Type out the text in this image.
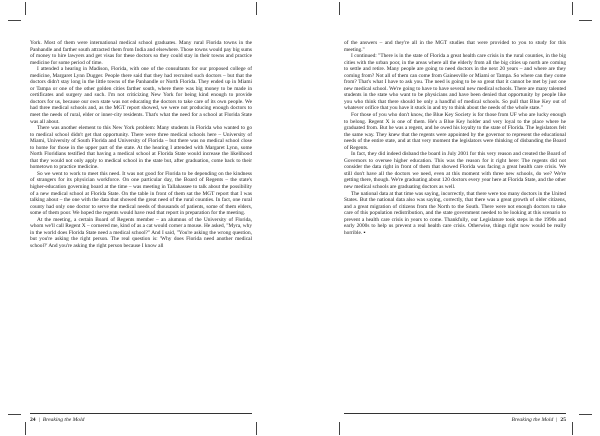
York. Most of them were international medical school graduates. Many rural Florida towns in the Panhandle and farther south attracted them from India and elsewhere. Those towns would pay big sums of money to hire lawyers and get visas for these doctors so they could stay in their towns and practice medicine for some period of time.

I attended a hearing in Madison, Florida, with one of the consultants for our proposed college of medicine, Margaret Lynn Dugger. People there said that they had recruited such doctors – but that the doctors didn't stay long in the little towns of the Panhandle or North Florida. They ended up in Miami or Tampa or one of the other golden cities farther south, where there was big money to be made in certificates and surgery and such. I'm not criticizing New York for being kind enough to provide doctors for us, because our own state was not educating the doctors to take care of its own people. We had three medical schools and, as the MGT report showed, we were not producing enough doctors to meet the needs of rural, elder or inner-city residents. That's what the need for a school at Florida State was all about.

There was another element to this New York problem: Many students in Florida who wanted to go to medical school didn't get that opportunity. There were three medical schools here – University of Miami, University of South Florida and University of Florida – but there was no medical school close to home for those in the upper part of the state. At the hearing I attended with Margaret Lynn, some North Floridians testified that having a medical school at Florida State would increase the likelihood that they would not only apply to medical school in the state but, after graduation, come back to their hometown to practice medicine.

So we went to work to meet this need. It was not good for Florida to be depending on the kindness of strangers for its physician workforce. On one particular day, the Board of Regents – the state's higher-education governing board at the time – was meeting in Tallahassee to talk about the possibility of a new medical school at Florida State. On the table in front of them sat the MGT report that I was talking about – the one with the data that showed the great need of the rural counties. In fact, one rural county had only one doctor to serve the medical needs of thousands of patients, some of them elders, some of them poor. We hoped the regents would have read that report in preparation for the meeting.

At the meeting, a certain Board of Regents member – an alumnus of the University of Florida, whom we'll call Regent X – cornered me, kind of as a cat would corner a mouse. He asked, "Myra, why in the world does Florida State need a medical school?" And I said, "You're asking the wrong question, but you're asking the right person. The real question is: 'Why does Florida need another medical school?' And you're asking the right person because I know all

24 | Breaking the Mold

of the answers – and they're all in the MGT studies that were provided to you to study for this meeting."

I continued: "There is in the state of Florida a great health care crisis in the rural counties, in the big cities with the urban poor, in the areas where all the elderly from all the big cities up north are coming to settle and retire. Many people are going to need doctors in the next 20 years – and where are they coming from? Not all of them can come from Gainesville or Miami or Tampa. So where can they come from? That's what I have to ask you. The need is going to be so great that it cannot be met by just one new medical school. We're going to have to have several new medical schools. There are many talented students in the state who want to be physicians and have been denied that opportunity by people like you who think that there should be only a handful of medical schools. So pull that Blue Key out of whatever orifice that you have it stuck in and try to think about the needs of the whole state."

For those of you who don't know, the Blue Key Society is for those from UF who are lucky enough to belong. Regent X is one of them. He's a Blue Key holder and very loyal to the place where he graduated from. But he was a regent, and he owed his loyalty to the state of Florida. The legislators felt the same way. They knew that the regents were appointed by the governor to represent the educational needs of the entire state, and at that very moment the legislators were thinking of disbanding the Board of Regents.

In fact, they did indeed disband the board in July 2001 for this very reason and created the Board of Governors to oversee higher education. This was the reason for it right here: The regents did not consider the data right in front of them that showed Florida was facing a great health care crisis. We still don't have all the doctors we need, even at this moment with three new schools, do we? We're getting there, though. We're graduating about 120 doctors every year here at Florida State, and the other new medical schools are graduating doctors as well.

The national data at that time was saying, incorrectly, that there were too many doctors in the United States. But the national data also was saying, correctly, that there was a great growth of older citizens, and a great migration of citizens from the North to the South. There were not enough doctors to take care of this population redistribution, and the state government needed to be looking at this scenario to prevent a health care crisis in years to come. Thankfully, our Legislature took steps in the 1990s and early 2000s to help us prevent a real health care crisis. Otherwise, things right now would be really horrible. ▪

Breaking the Mold | 25
